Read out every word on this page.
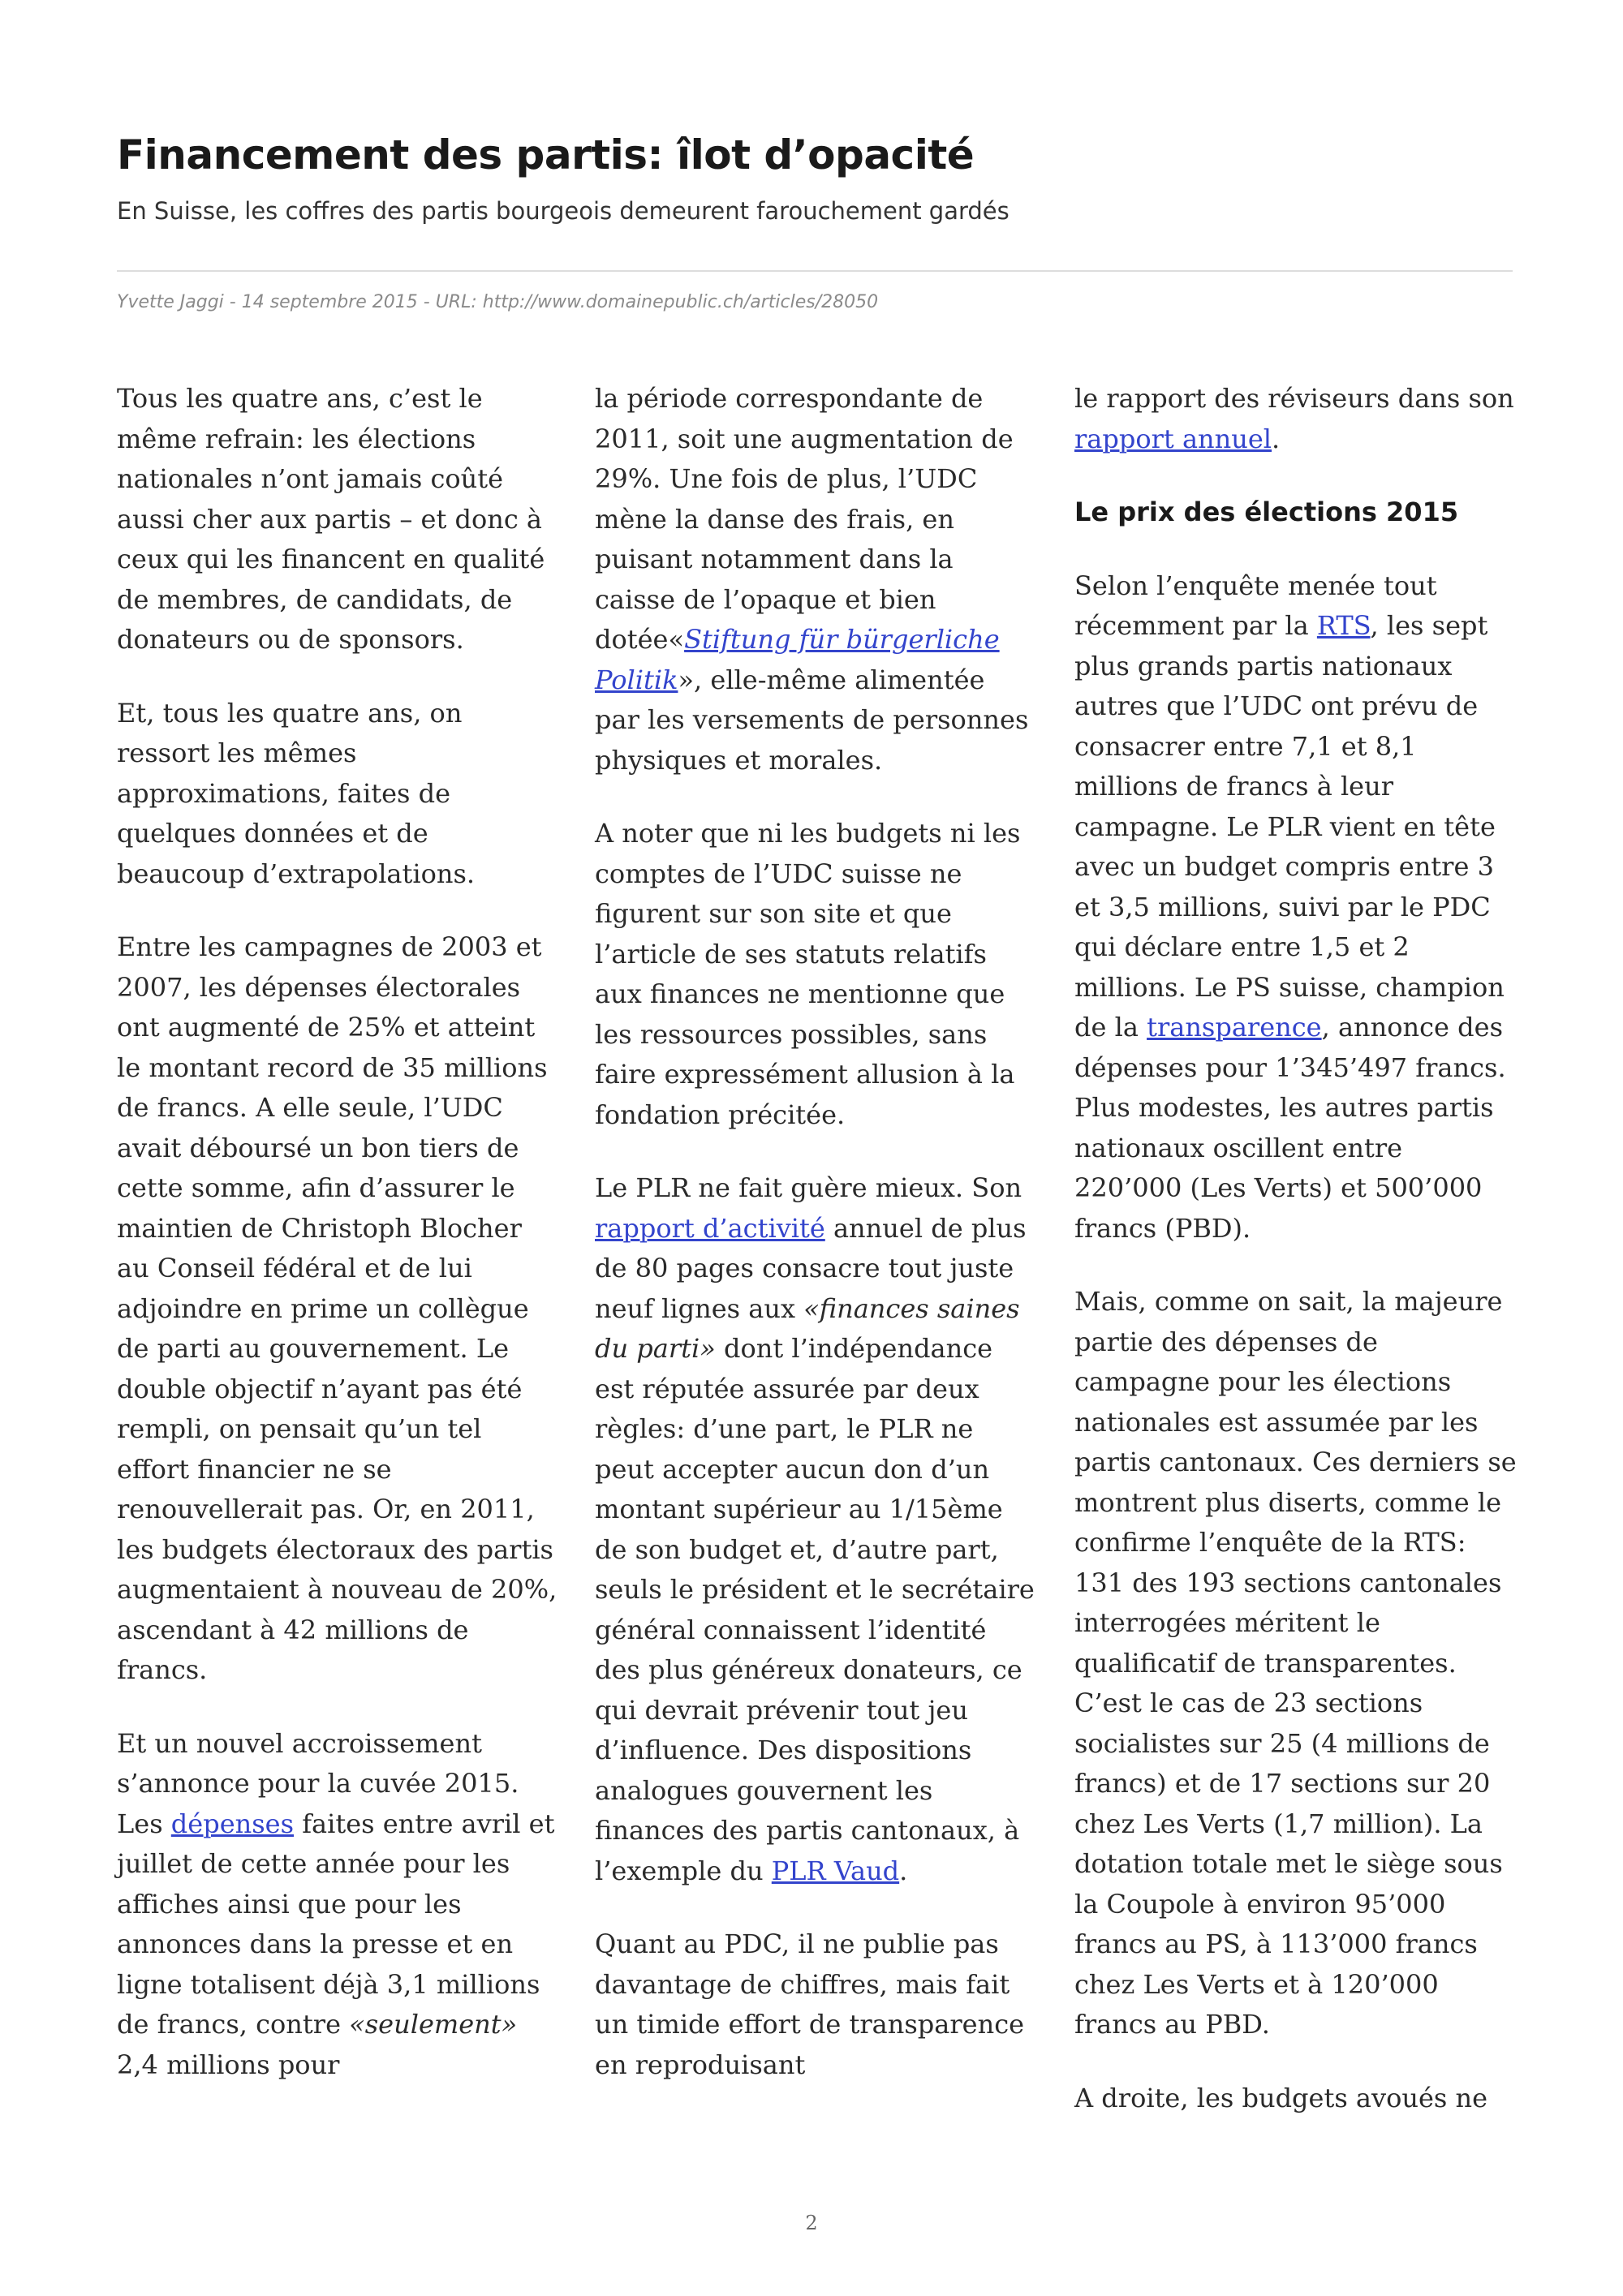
Financement des partis: îlot d’opacité

En Suisse, les coffres des partis bourgeois demeurent farouchement gardés

Yvette Jaggi - 14 septembre 2015 - URL: http://www.domainepublic.ch/articles/28050

Tous les quatre ans, c’est le même refrain: les élections nationales n’ont jamais coûté aussi cher aux partis – et donc à ceux qui les financent en qualité de membres, de candidats, de donateurs ou de sponsors.

Et, tous les quatre ans, on ressort les mêmes approximations, faites de quelques données et de beaucoup d’extrapolations.

Entre les campagnes de 2003 et 2007, les dépenses électorales ont augmenté de 25% et atteint le montant record de 35 millions de francs. A elle seule, l’UDC avait déboursé un bon tiers de cette somme, afin d’assurer le maintien de Christoph Blocher au Conseil fédéral et de lui adjoindre en prime un collègue de parti au gouvernement. Le double objectif n’ayant pas été rempli, on pensait qu’un tel effort financier ne se renouvellerait pas. Or, en 2011, les budgets électoraux des partis augmentaient à nouveau de 20%, ascendant à 42 millions de francs.

Et un nouvel accroissement s’annonce pour la cuvée 2015. Les dépenses faites entre avril et juillet de cette année pour les affiches ainsi que pour les annonces dans la presse et en ligne totalisent déjà 3,1 millions de francs, contre «seulement» 2,4 millions pour

la période correspondante de 2011, soit une augmentation de 29%. Une fois de plus, l’UDC mène la danse des frais, en puisant notamment dans la caisse de l’opaque et bien dotée«Stiftung für bürgerliche Politik», elle-même alimentée par les versements de personnes physiques et morales.

A noter que ni les budgets ni les comptes de l’UDC suisse ne figurent sur son site et que l’article de ses statuts relatifs aux finances ne mentionne que les ressources possibles, sans faire expressément allusion à la fondation précitée.

Le PLR ne fait guère mieux. Son rapport d’activité annuel de plus de 80 pages consacre tout juste neuf lignes aux «finances saines du parti» dont l’indépendance est réputée assurée par deux règles: d’une part, le PLR ne peut accepter aucun don d’un montant supérieur au 1/15ème de son budget et, d’autre part, seuls le président et le secrétaire général connaissent l’identité des plus généreux donateurs, ce qui devrait prévenir tout jeu d’influence. Des dispositions analogues gouvernent les finances des partis cantonaux, à l’exemple du PLR Vaud.

Quant au PDC, il ne publie pas davantage de chiffres, mais fait un timide effort de transparence en reproduisant

le rapport des réviseurs dans son rapport annuel.

Le prix des élections 2015

Selon l’enquête menée tout récemment par la RTS, les sept plus grands partis nationaux autres que l’UDC ont prévu de consacrer entre 7,1 et 8,1 millions de francs à leur campagne. Le PLR vient en tête avec un budget compris entre 3 et 3,5 millions, suivi par le PDC qui déclare entre 1,5 et 2 millions. Le PS suisse, champion de la transparence, annonce des dépenses pour 1’345’497 francs. Plus modestes, les autres partis nationaux oscillent entre 220’000 (Les Verts) et 500’000 francs (PBD).

Mais, comme on sait, la majeure partie des dépenses de campagne pour les élections nationales est assumée par les partis cantonaux. Ces derniers se montrent plus diserts, comme le confirme l’enquête de la RTS: 131 des 193 sections cantonales interrogées méritent le qualificatif de transparentes. C’est le cas de 23 sections socialistes sur 25 (4 millions de francs) et de 17 sections sur 20 chez Les Verts (1,7 million). La dotation totale met le siège sous la Coupole à environ 95’000 francs au PS, à 113’000 francs chez Les Verts et à 120’000 francs au PBD.

A droite, les budgets avoués ne

2
